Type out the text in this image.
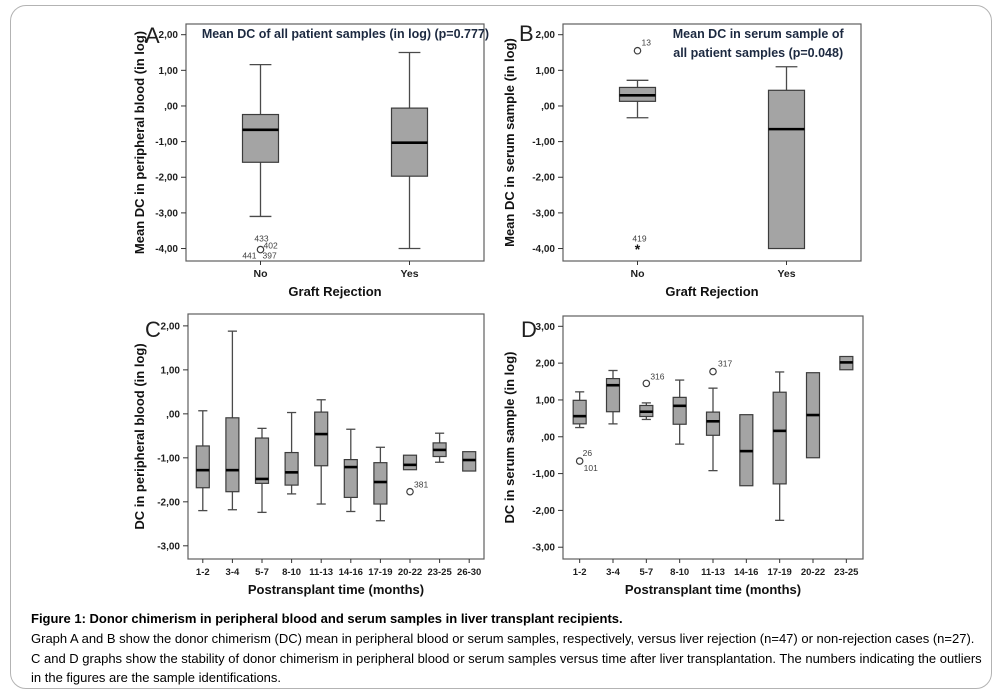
2,00
1,00
,00
-1,00
-2,00
-3,00
-4,00
No	Yes
433
402
441 397
A
Mean DC in peripheral blood (in log)
Graft Rejection
Mean DC of all patient samples (in log) (p=0.777)	2,00
1,00
,00
-1,00
-2,00
-3,00
-4,00
No	Yes
13
*
419
B
Mean DC in serum sample (in log)
Graft Rejection
Mean DC in serum sample of
all patient samples (p=0.048)
2,00
1,00
,00
-1,00
-2,00
-3,00
1-2 3-4 5-7 8-10 11-13 14-16 17-19 20-22 23-25 26-30
381
C
DC in peripheral blood (in log)
Postransplant time (months)
3,00
2,00
1,00
,00
-1,00
-2,00
-3,00
1-2 3-4 5-7 8-10 11-13 14-16 17-19 20-22 23-25
26
101
316
317
D
DC in serum sample (in log)
Postransplant time (months)
Figure 1: Donor chimerism in peripheral blood and serum samples in liver transplant recipients.
Graph A and B show the donor chimerism (DC) mean in peripheral blood or serum samples, respectively, versus liver rejection (n=47) or non-rejection cases (n=27). C and D graphs show the stability of donor chimerism in peripheral blood or serum samples versus time after liver transplantation. The numbers indicating the outliers in the figures are the sample identifications.
